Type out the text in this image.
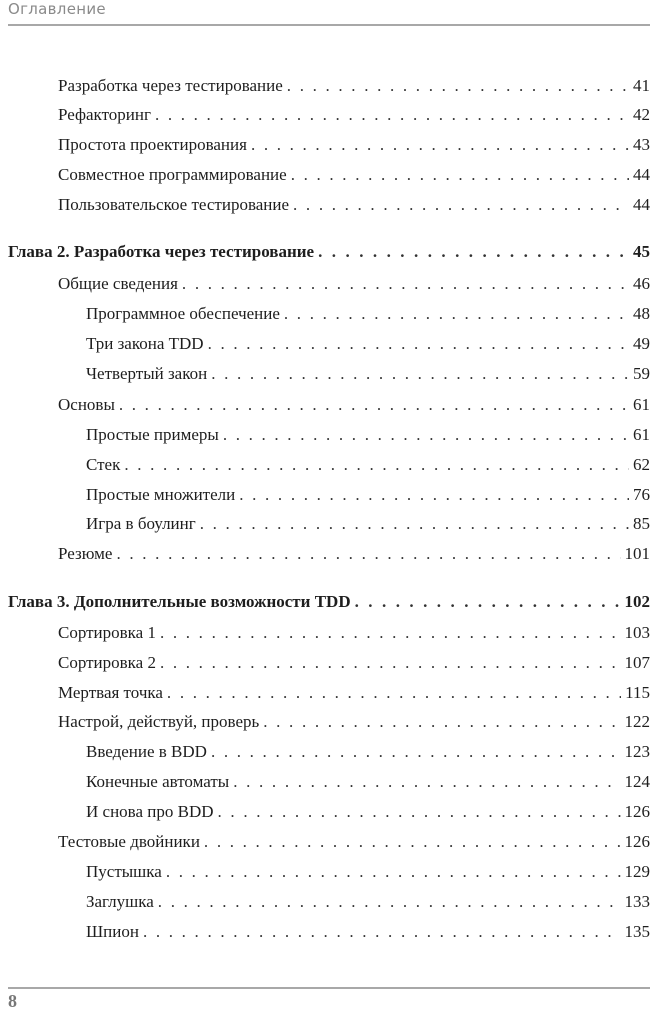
Оглавление
Разработка через тестирование . . .	41
Рефакторинг . . .	42
Простота проектирования . . .	43
Совместное программирование . . .	44
Пользовательское тестирование . . .	44
Глава 2. Разработка через тестирование . . .	45
Общие сведения . . .	46
Программное обеспечение . . .	48
Три закона TDD . . .	49
Четвертый закон . . .	59
Основы . . .	61
Простые примеры . . .	61
Стек . . .	62
Простые множители . . .	76
Игра в боулинг . . .	85
Резюме . . .	101
Глава 3. Дополнительные возможности TDD . . .	102
Сортировка 1 . . .	103
Сортировка 2 . . .	107
Мертвая точка . . .	115
Настрой, действуй, проверь . . .	122
Введение в BDD . . .	123
Конечные автоматы . . .	124
И снова про BDD . . .	126
Тестовые двойники . . .	126
Пустышка . . .	129
Заглушка . . .	133
Шпион . . .	135
8
